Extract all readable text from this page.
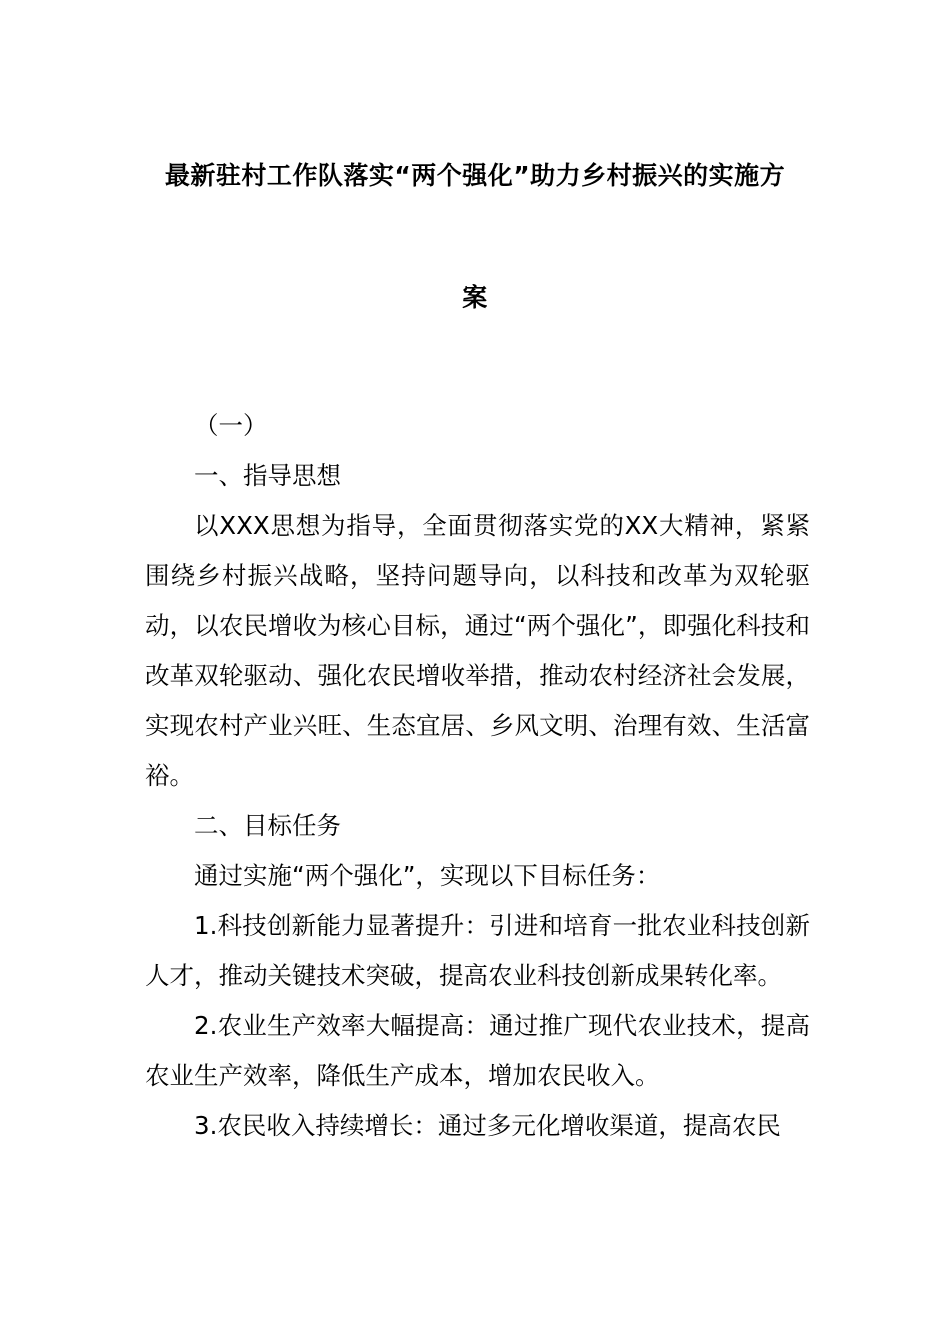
最新驻村工作队落实“两个强化”助力乡村振兴的实施方
案

（一）

一、指导思想

以XXX思想为指导，全面贯彻落实党的XX大精神，紧紧围绕乡村振兴战略，坚持问题导向，以科技和改革为双轮驱动，以农民增收为核心目标，通过“两个强化”，即强化科技和改革双轮驱动、强化农民增收举措，推动农村经济社会发展，实现农村产业兴旺、生态宜居、乡风文明、治理有效、生活富裕。

二、目标任务

通过实施“两个强化”，实现以下目标任务：

1.科技创新能力显著提升：引进和培育一批农业科技创新人才，推动关键技术突破，提高农业科技创新成果转化率。

2.农业生产效率大幅提高：通过推广现代农业技术，提高农业生产效率，降低生产成本，增加农民收入。

3.农民收入持续增长：通过多元化增收渠道，提高农民
